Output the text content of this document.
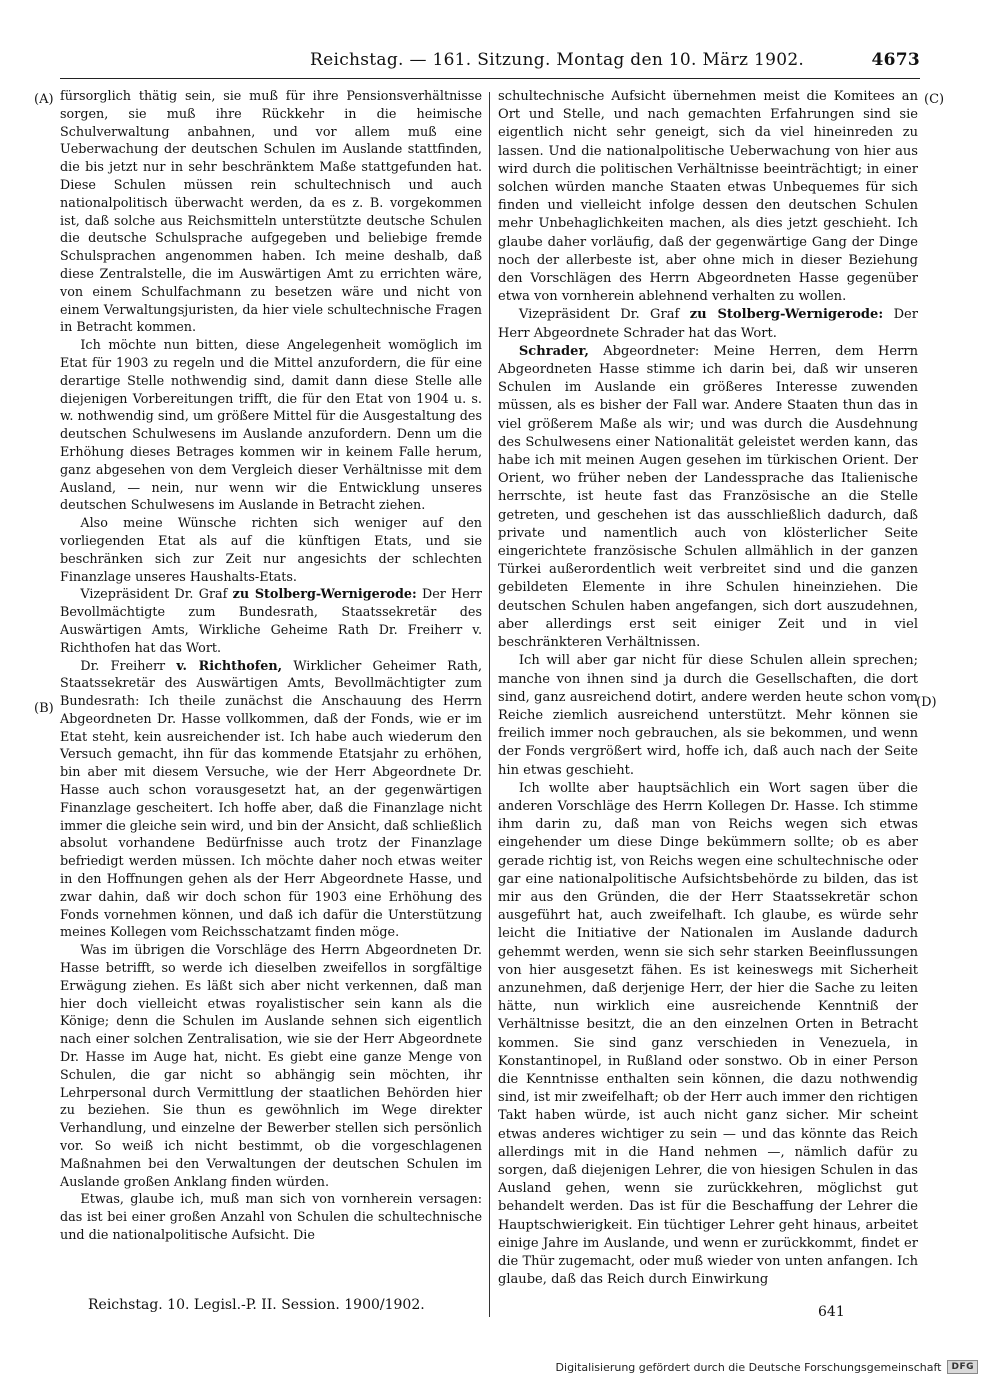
Reichstag. — 161. Sitzung. Montag den 10. März 1902.	4673
(A)
(B)
(C)
(D)

fürsorglich thätig sein, sie muß für ihre Pensionsverhältnisse sorgen, sie muß ihre Rückkehr in die heimische Schulverwaltung anbahnen, und vor allem muß eine Ueberwachung der deutschen Schulen im Auslande stattfinden, die bis jetzt nur in sehr beschränktem Maße stattgefunden hat. Diese Schulen müssen rein schultechnisch und auch nationalpolitisch überwacht werden, da es z. B. vorgekommen ist, daß solche aus Reichsmitteln unterstützte deutsche Schulen die deutsche Schulsprache aufgegeben und beliebige fremde Schulsprachen angenommen haben. Ich meine deshalb, daß diese Zentralstelle, die im Auswärtigen Amt zu errichten wäre, von einem Schulfachmann zu besetzen wäre und nicht von einem Verwaltungsjuristen, da hier viele schultechnische Fragen in Betracht kommen.

Ich möchte nun bitten, diese Angelegenheit womöglich im Etat für 1903 zu regeln und die Mittel anzufordern, die für eine derartige Stelle nothwendig sind, damit dann diese Stelle alle diejenigen Vorbereitungen trifft, die für den Etat von 1904 u. s. w. nothwendig sind, um größere Mittel für die Ausgestaltung des deutschen Schulwesens im Auslande anzufordern. Denn um die Erhöhung dieses Betrages kommen wir in keinem Falle herum, ganz abgesehen von dem Vergleich dieser Verhältnisse mit dem Ausland, — nein, nur wenn wir die Entwicklung unseres deutschen Schulwesens im Auslande in Betracht ziehen.

Also meine Wünsche richten sich weniger auf den vorliegenden Etat als auf die künftigen Etats, und sie beschränken sich zur Zeit nur angesichts der schlechten Finanzlage unseres Haushalts-Etats.

Vizepräsident Dr. Graf zu Stolberg-Wernigerode: Der Herr Bevollmächtigte zum Bundesrath, Staatssekretär des Auswärtigen Amts, Wirkliche Geheime Rath Dr. Freiherr v. Richthofen hat das Wort.

Dr. Freiherr v. Richthofen, Wirklicher Geheimer Rath, Staatssekretär des Auswärtigen Amts, Bevollmächtigter zum Bundesrath: Ich theile zunächst die Anschauung des Herrn Abgeordneten Dr. Hasse vollkommen, daß der Fonds, wie er im Etat steht, kein ausreichender ist. Ich habe auch wiederum den Versuch gemacht, ihn für das kommende Etatsjahr zu erhöhen, bin aber mit diesem Versuche, wie der Herr Abgeordnete Dr. Hasse auch schon vorausgesetzt hat, an der gegenwärtigen Finanzlage gescheitert. Ich hoffe aber, daß die Finanzlage nicht immer die gleiche sein wird, und bin der Ansicht, daß schließlich absolut vorhandene Bedürfnisse auch trotz der Finanzlage befriedigt werden müssen. Ich möchte daher noch etwas weiter in den Hoffnungen gehen als der Herr Abgeordnete Hasse, und zwar dahin, daß wir doch schon für 1903 eine Erhöhung des Fonds vornehmen können, und daß ich dafür die Unterstützung meines Kollegen vom Reichsschatzamt finden möge.

Was im übrigen die Vorschläge des Herrn Abgeordneten Dr. Hasse betrifft, so werde ich dieselben zweifellos in sorgfältige Erwägung ziehen. Es läßt sich aber nicht verkennen, daß man hier doch vielleicht etwas royalistischer sein kann als die Könige; denn die Schulen im Auslande sehnen sich eigentlich nach einer solchen Zentralisation, wie sie der Herr Abgeordnete Dr. Hasse im Auge hat, nicht. Es giebt eine ganze Menge von Schulen, die gar nicht so abhängig sein möchten, ihr Lehrpersonal durch Vermittlung der staatlichen Behörden hier zu beziehen. Sie thun es gewöhnlich im Wege direkter Verhandlung, und einzelne der Bewerber stellen sich persönlich vor. So weiß ich nicht bestimmt, ob die vorgeschlagenen Maßnahmen bei den Verwaltungen der deutschen Schulen im Auslande großen Anklang finden würden.

Etwas, glaube ich, muß man sich von vornherein versagen: das ist bei einer großen Anzahl von Schulen die schultechnische und die nationalpolitische Aufsicht. Die

schultechnische Aufsicht übernehmen meist die Komitees an Ort und Stelle, und nach gemachten Erfahrungen sind sie eigentlich nicht sehr geneigt, sich da viel hineinreden zu lassen. Und die nationalpolitische Ueberwachung von hier aus wird durch die politischen Verhältnisse beeinträchtigt; in einer solchen würden manche Staaten etwas Unbequemes für sich finden und vielleicht infolge dessen den deutschen Schulen mehr Unbehaglichkeiten machen, als dies jetzt geschieht. Ich glaube daher vorläufig, daß der gegenwärtige Gang der Dinge noch der allerbeste ist, aber ohne mich in dieser Beziehung den Vorschlägen des Herrn Abgeordneten Hasse gegenüber etwa von vornherein ablehnend verhalten zu wollen.

Vizepräsident Dr. Graf zu Stolberg-Wernigerode: Der Herr Abgeordnete Schrader hat das Wort.

Schrader, Abgeordneter: Meine Herren, dem Herrn Abgeordneten Hasse stimme ich darin bei, daß wir unseren Schulen im Auslande ein größeres Interesse zuwenden müssen, als es bisher der Fall war. Andere Staaten thun das in viel größerem Maße als wir; und was durch die Ausdehnung des Schulwesens einer Nationalität geleistet werden kann, das habe ich mit meinen Augen gesehen im türkischen Orient. Der Orient, wo früher neben der Landessprache das Italienische herrschte, ist heute fast das Französische an die Stelle getreten, und geschehen ist das ausschließlich dadurch, daß private und namentlich auch von klösterlicher Seite eingerichtete französische Schulen allmählich in der ganzen Türkei außerordentlich weit verbreitet sind und die ganzen gebildeten Elemente in ihre Schulen hineinziehen. Die deutschen Schulen haben angefangen, sich dort auszudehnen, aber allerdings erst seit einiger Zeit und in viel beschränkteren Verhältnissen.

Ich will aber gar nicht für diese Schulen allein sprechen; manche von ihnen sind ja durch die Gesellschaften, die dort sind, ganz ausreichend dotirt, andere werden heute schon vom Reiche ziemlich ausreichend unterstützt. Mehr können sie freilich immer noch gebrauchen, als sie bekommen, und wenn der Fonds vergrößert wird, hoffe ich, daß auch nach der Seite hin etwas geschieht.

Ich wollte aber hauptsächlich ein Wort sagen über die anderen Vorschläge des Herrn Kollegen Dr. Hasse. Ich stimme ihm darin zu, daß man von Reichs wegen sich etwas eingehender um diese Dinge bekümmern sollte; ob es aber gerade richtig ist, von Reichs wegen eine schultechnische oder gar eine nationalpolitische Aufsichtsbehörde zu bilden, das ist mir aus den Gründen, die der Herr Staatssekretär schon ausgeführt hat, auch zweifelhaft. Ich glaube, es würde sehr leicht die Initiative der Nationalen im Auslande dadurch gehemmt werden, wenn sie sich sehr starken Beeinflussungen von hier ausgesetzt fähen. Es ist keineswegs mit Sicherheit anzunehmen, daß derjenige Herr, der hier die Sache zu leiten hätte, nun wirklich eine ausreichende Kenntniß der Verhältnisse besitzt, die an den einzelnen Orten in Betracht kommen. Sie sind ganz verschieden in Venezuela, in Konstantinopel, in Rußland oder sonstwo. Ob in einer Person die Kenntnisse enthalten sein können, die dazu nothwendig sind, ist mir zweifelhaft; ob der Herr auch immer den richtigen Takt haben würde, ist auch nicht ganz sicher. Mir scheint etwas anderes wichtiger zu sein — und das könnte das Reich allerdings mit in die Hand nehmen —, nämlich dafür zu sorgen, daß diejenigen Lehrer, die von hiesigen Schulen in das Ausland gehen, wenn sie zurückkehren, möglichst gut behandelt werden. Das ist für die Beschaffung der Lehrer die Hauptschwierigkeit. Ein tüchtiger Lehrer geht hinaus, arbeitet einige Jahre im Auslande, und wenn er zurückkommt, findet er die Thür zugemacht, oder muß wieder von unten anfangen. Ich glaube, daß das Reich durch Einwirkung

Reichstag. 10. Legisl.-P. II. Session. 1900/1902.	641
Digitalisierung gefördert durch die Deutsche Forschungsgemeinschaft	DFG
